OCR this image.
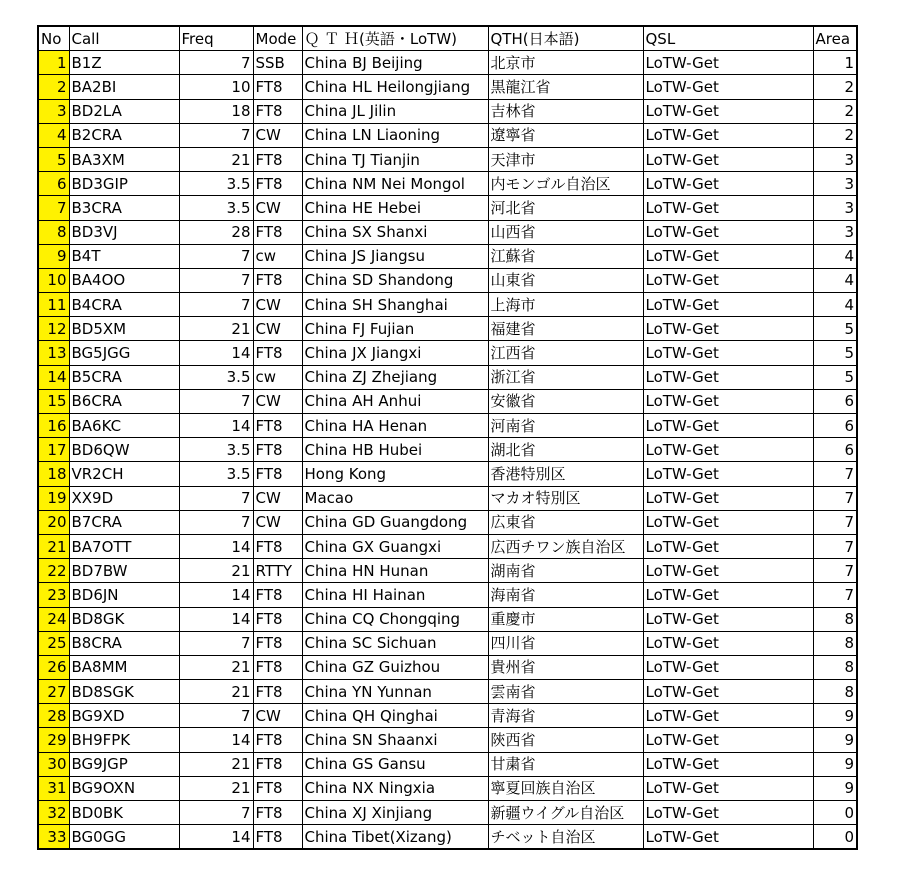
No	Call	Freq	Mode	Ｑ Ｔ Ｈ(英語・LoTW)	QTH(日本語)	QSL	Area
1	B1Z	7	SSB	China BJ Beijing	北京市	LoTW-Get	1
2	BA2BI	10	FT8	China HL Heilongjiang	黒龍江省	LoTW-Get	2
3	BD2LA	18	FT8	China JL Jilin	吉林省	LoTW-Get	2
4	B2CRA	7	CW	China LN Liaoning	遼寧省	LoTW-Get	2
5	BA3XM	21	FT8	China TJ Tianjin	天津市	LoTW-Get	3
6	BD3GIP	3.5	FT8	China NM Nei Mongol	内モンゴル自治区	LoTW-Get	3
7	B3CRA	3.5	CW	China HE Hebei	河北省	LoTW-Get	3
8	BD3VJ	28	FT8	China SX Shanxi	山西省	LoTW-Get	3
9	B4T	7	cw	China JS Jiangsu	江蘇省	LoTW-Get	4
10	BA4OO	7	FT8	China SD Shandong	山東省	LoTW-Get	4
11	B4CRA	7	CW	China SH Shanghai	上海市	LoTW-Get	4
12	BD5XM	21	CW	China FJ Fujian	福建省	LoTW-Get	5
13	BG5JGG	14	FT8	China JX Jiangxi	江西省	LoTW-Get	5
14	B5CRA	3.5	cw	China ZJ Zhejiang	浙江省	LoTW-Get	5
15	B6CRA	7	CW	China AH Anhui	安徽省	LoTW-Get	6
16	BA6KC	14	FT8	China HA Henan	河南省	LoTW-Get	6
17	BD6QW	3.5	FT8	China HB Hubei	湖北省	LoTW-Get	6
18	VR2CH	3.5	FT8	Hong Kong	香港特別区	LoTW-Get	7
19	XX9D	7	CW	Macao	マカオ特別区	LoTW-Get	7
20	B7CRA	7	CW	China GD Guangdong	広東省	LoTW-Get	7
21	BA7OTT	14	FT8	China GX Guangxi	広西チワン族自治区	LoTW-Get	7
22	BD7BW	21	RTTY	China HN Hunan	湖南省	LoTW-Get	7
23	BD6JN	14	FT8	China HI Hainan	海南省	LoTW-Get	7
24	BD8GK	14	FT8	China CQ Chongqing	重慶市	LoTW-Get	8
25	B8CRA	7	FT8	China SC Sichuan	四川省	LoTW-Get	8
26	BA8MM	21	FT8	China GZ Guizhou	貴州省	LoTW-Get	8
27	BD8SGK	21	FT8	China YN Yunnan	雲南省	LoTW-Get	8
28	BG9XD	7	CW	China QH Qinghai	青海省	LoTW-Get	9
29	BH9FPK	14	FT8	China SN Shaanxi	陝西省	LoTW-Get	9
30	BG9JGP	21	FT8	China GS Gansu	甘粛省	LoTW-Get	9
31	BG9OXN	21	FT8	China NX Ningxia	寧夏回族自治区	LoTW-Get	9
32	BD0BK	7	FT8	China XJ Xinjiang	新疆ウイグル自治区	LoTW-Get	0
33	BG0GG	14	FT8	China Tibet(Xizang)	チベット自治区	LoTW-Get	0
